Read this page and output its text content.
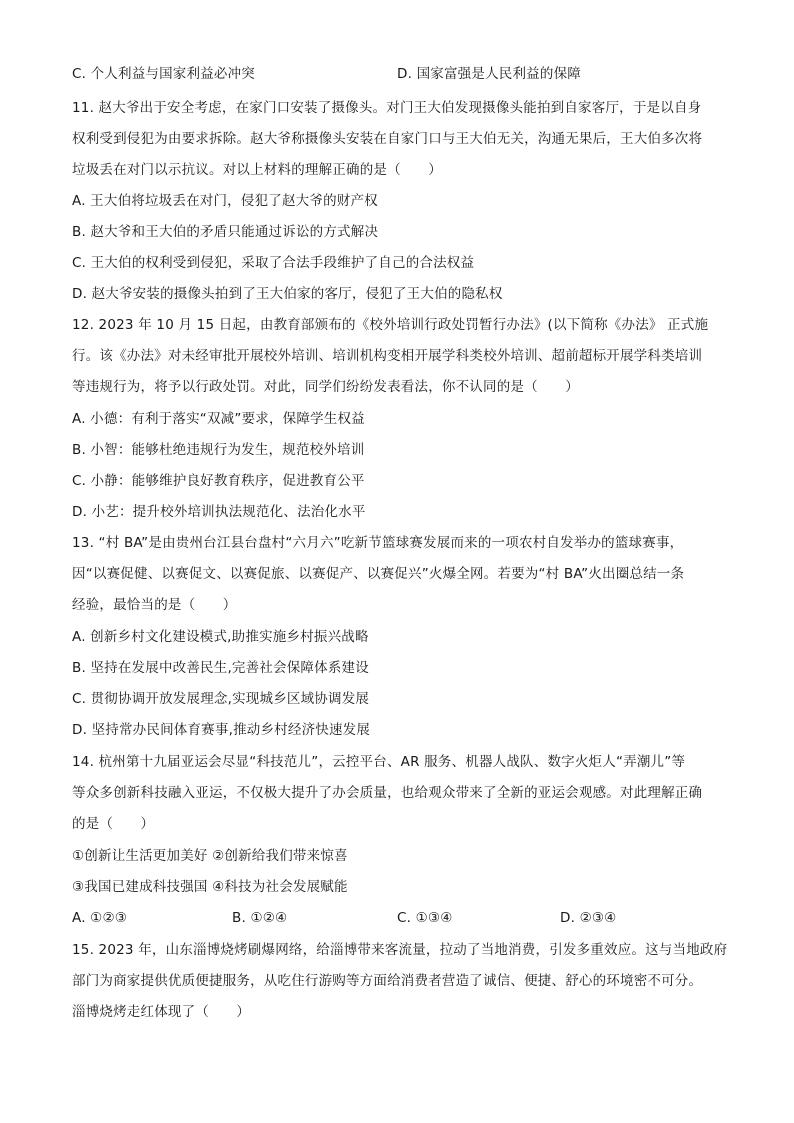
C. 个人利益与国家利益必冲突	D. 国家富强是人民利益的保障
11. 赵大爷出于安全考虑，在家门口安装了摄像头。对门王大伯发现摄像头能拍到自家客厅，于是以自身
权利受到侵犯为由要求拆除。赵大爷称摄像头安装在自家门口与王大伯无关，沟通无果后，王大伯多次将
垃圾丢在对门以示抗议。对以上材料的理解正确的是（　　）
A. 王大伯将垃圾丢在对门，侵犯了赵大爷的财产权
B. 赵大爷和王大伯的矛盾只能通过诉讼的方式解决
C. 王大伯的权利受到侵犯，采取了合法手段维护了自己的合法权益
D. 赵大爷安装的摄像头拍到了王大伯家的客厅，侵犯了王大伯的隐私权
12. 2023 年 10 月 15 日起，由教育部颁布的《校外培训行政处罚暂行办法》(以下简称《办法》 正式施
行。该《办法》对未经审批开展校外培训、培训机构变相开展学科类校外培训、超前超标开展学科类培训
等违规行为，将予以行政处罚。对此，同学们纷纷发表看法，你不认同的是（　　）
A. 小德：有利于落实“双减”要求，保障学生权益
B. 小智：能够杜绝违规行为发生，规范校外培训
C. 小静：能够维护良好教育秩序，促进教育公平
D. 小艺：提升校外培训执法规范化、法治化水平
13. “村 BA”是由贵州台江县台盘村“六月六”吃新节篮球赛发展而来的一项农村自发举办的篮球赛事，
因“以赛促健、以赛促文、以赛促旅、以赛促产、以赛促兴”火爆全网。若要为“村 BA”火出圈总结一条
经验，最恰当的是（　　）
A. 创新乡村文化建设模式,助推实施乡村振兴战略
B. 坚持在发展中改善民生,完善社会保障体系建设
C. 贯彻协调开放发展理念,实现城乡区域协调发展
D. 坚持常办民间体育赛事,推动乡村经济快速发展
14. 杭州第十九届亚运会尽显“科技范儿”，云控平台、AR 服务、机器人战队、数字火炬人“弄潮儿”等
等众多创新科技融入亚运，不仅极大提升了办会质量，也给观众带来了全新的亚运会观感。对此理解正确
的是（　　）
①创新让生活更加美好 ②创新给我们带来惊喜
③我国已建成科技强国 ④科技为社会发展赋能
A. ①②③	B. ①②④	C. ①③④	D. ②③④
15. 2023 年，山东淄博烧烤刷爆网络，给淄博带来客流量，拉动了当地消费，引发多重效应。这与当地政府
部门为商家提供优质便捷服务，从吃住行游购等方面给消费者营造了诚信、便捷、舒心的环境密不可分。
淄博烧烤走红体现了（　　）
